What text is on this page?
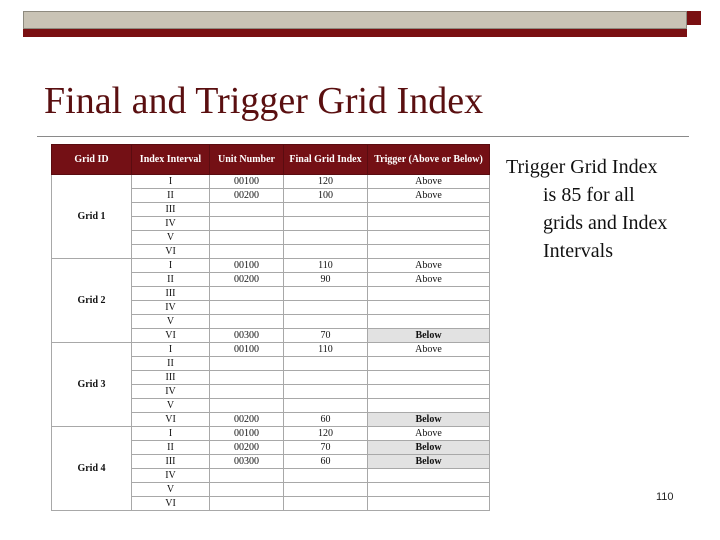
Final and Trigger Grid Index
Grid ID	Index Interval	Unit Number	Final Grid Index	Trigger (Above or Below)
Grid 1	I	00100	120	Above
	II	00200	100	Above
	III			
	IV			
	V			
	VI			
Grid 2	I	00100	110	Above
	II	00200	90	Above
	III			
	IV			
	V			
	VI	00300	70	Below
Grid 3	I	00100	110	Above
	II			
	III			
	IV			
	V			
	VI	00200	60	Below
Grid 4	I	00100	120	Above
	II	00200	70	Below
	III	00300	60	Below
	IV			
	V			
	VI			
Trigger Grid Index
is 85 for all
grids and Index
Intervals
110
